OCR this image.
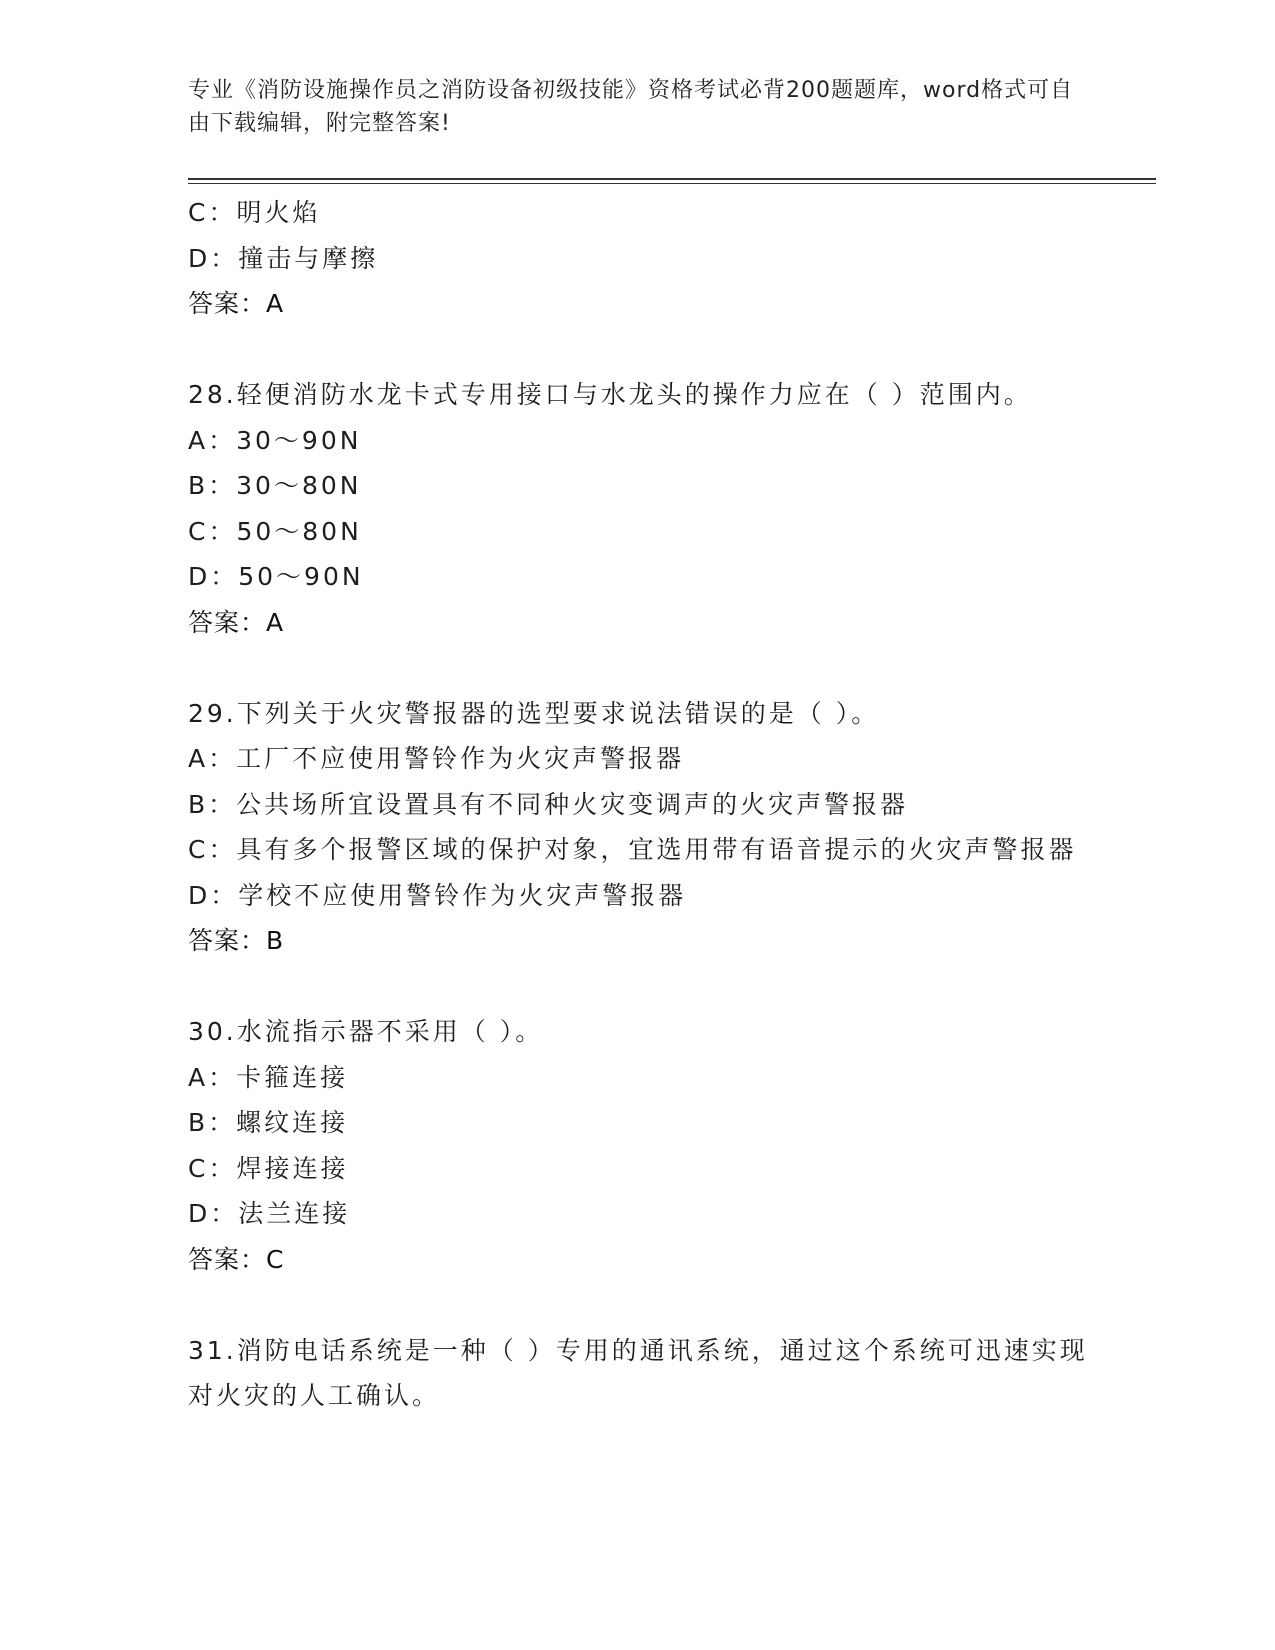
专业《消防设施操作员之消防设备初级技能》资格考试必背200题题库，word格式可自由下载编辑，附完整答案!
C：明火焰
D：撞击与摩擦
答案：A
28.轻便消防水龙卡式专用接口与水龙头的操作力应在（ ）范围内。
A：30～90N
B：30～80N
C：50～80N
D：50～90N
答案：A
29.下列关于火灾警报器的选型要求说法错误的是（ ）。
A：工厂不应使用警铃作为火灾声警报器
B：公共场所宜设置具有不同种火灾变调声的火灾声警报器
C：具有多个报警区域的保护对象，宜选用带有语音提示的火灾声警报器
D：学校不应使用警铃作为火灾声警报器
答案：B
30.水流指示器不采用（ ）。
A：卡箍连接
B：螺纹连接
C：焊接连接
D：法兰连接
答案：C
31.消防电话系统是一种（ ）专用的通讯系统，通过这个系统可迅速实现对火灾的人工确认。
